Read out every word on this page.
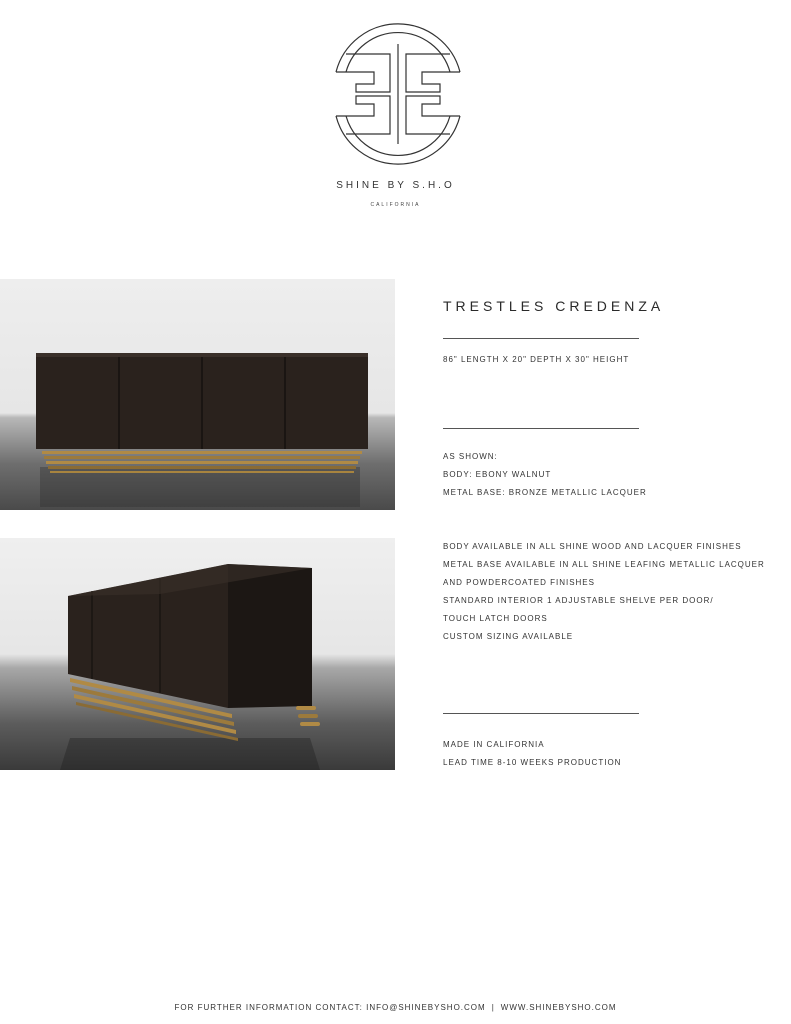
SHINE BY S.H.O
CALIFORNIA
TRESTLES CREDENZA
86" LENGTH X 20" DEPTH X 30" HEIGHT
AS SHOWN:
BODY: EBONY WALNUT
METAL BASE: BRONZE METALLIC LACQUER
BODY AVAILABLE IN ALL SHINE WOOD AND LACQUER FINISHES
METAL BASE AVAILABLE IN ALL SHINE LEAFING METALLIC LACQUER
AND POWDERCOATED FINISHES
STANDARD INTERIOR 1 ADJUSTABLE SHELVE PER DOOR/
TOUCH LATCH DOORS
CUSTOM SIZING AVAILABLE
MADE IN CALIFORNIA
LEAD TIME 8-10 WEEKS PRODUCTION
FOR FURTHER INFORMATION CONTACT: INFO@SHINEBYSHO.COM | WWW.SHINEBYSHO.COM
